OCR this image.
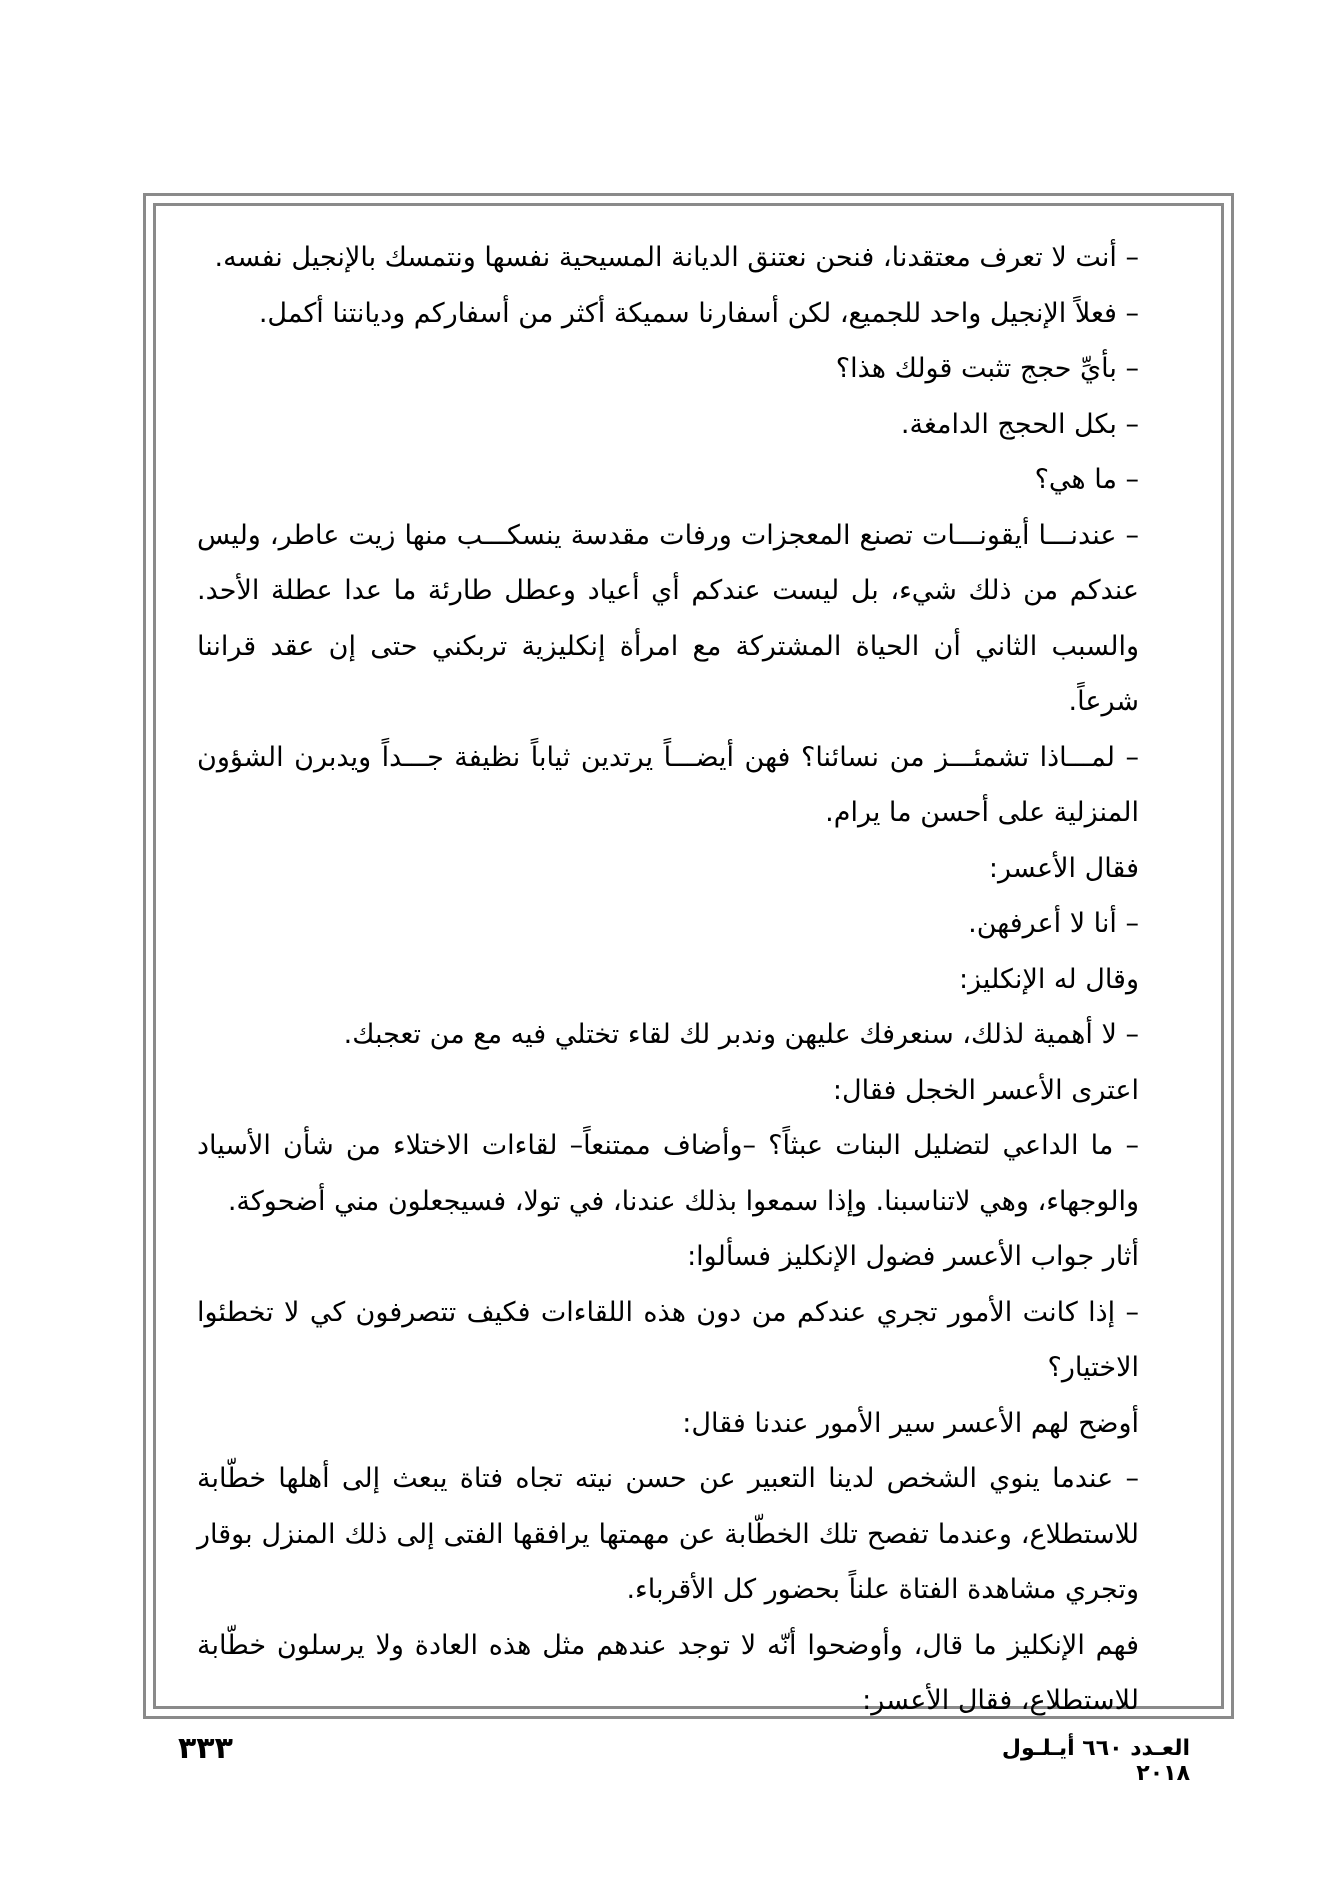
– أنت لا تعرف معتقدنا، فنحن نعتنق الديانة المسيحية نفسها ونتمسك بالإنجيل نفسه.

– فعلاً الإنجيل واحد للجميع، لكن أسفارنا سميكة أكثر من أسفاركم وديانتنا أكمل.

– بأيِّ حجج تثبت قولك هذا؟

– بكل الحجج الدامغة.

– ما هي؟

– عندنـــا أيقونـــات تصنع المعجزات ورفات مقدسة ينسكـــب منها زيت عاطر، وليس عندكم من ذلك شيء، بل ليست عندكم أي أعياد وعطل طارئة ما عدا عطلة الأحد. والسبب الثاني أن الحياة المشتركة مع امرأة إنكليزية تربكني حتى إن عقد قراننا شرعاً.

– لمـــاذا تشمئـــز من نسائنا؟ فهن أيضـــاً يرتدين ثياباً نظيفة جـــداً ويدبرن الشؤون المنزلية على أحسن ما يرام.

فقال الأعسر:

– أنا لا أعرفهن.

وقال له الإنكليز:

– لا أهمية لذلك، سنعرفك عليهن وندبر لك لقاء تختلي فيه مع من تعجبك.

اعترى الأعسر الخجل فقال:

– ما الداعي لتضليل البنات عبثاً؟ –وأضاف ممتنعاً– لقاءات الاختلاء من شأن الأسياد والوجهاء، وهي لاتناسبنا. وإذا سمعوا بذلك عندنا، في تولا، فسيجعلون مني أضحوكة.

أثار جواب الأعسر فضول الإنكليز فسألوا:

– إذا كانت الأمور تجري عندكم من دون هذه اللقاءات فكيف تتصرفون كي لا تخطئوا الاختيار؟

أوضح لهم الأعسر سير الأمور عندنا فقال:

– عندما ينوي الشخص لدينا التعبير عن حسن نيته تجاه فتاة يبعث إلى أهلها خطّابة للاستطلاع، وعندما تفصح تلك الخطّابة عن مهمتها يرافقها الفتى إلى ذلك المنزل بوقار وتجري مشاهدة الفتاة علناً بحضور كل الأقرباء.

فهم الإنكليز ما قال، وأوضحوا أنّه لا توجد عندهم مثل هذه العادة ولا يرسلون خطّابة للاستطلاع، فقال الأعسر:

٣٣٣	العـدد ٦٦٠ أيـلـول ٢٠١٨
